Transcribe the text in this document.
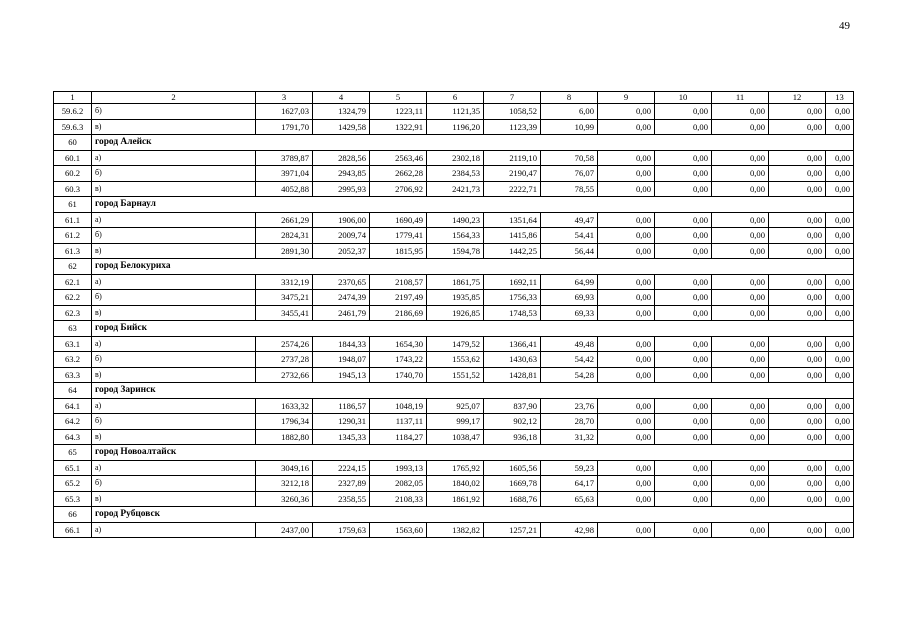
49
1	2	3	4	5	6	7	8	9	10	11	12	13
59.6.2	б)	1627,03	1324,79	1223,11	1121,35	1058,52	6,00	0,00	0,00	0,00	0,00	0,00
59.6.3	в)	1791,70	1429,58	1322,91	1196,20	1123,39	10,99	0,00	0,00	0,00	0,00	0,00
60	город Алейск											
60.1	а)	3789,87	2828,56	2563,46	2302,18	2119,10	70,58	0,00	0,00	0,00	0,00	0,00
60.2	б)	3971,04	2943,85	2662,28	2384,53	2190,47	76,07	0,00	0,00	0,00	0,00	0,00
60.3	в)	4052,88	2995,93	2706,92	2421,73	2222,71	78,55	0,00	0,00	0,00	0,00	0,00
61	город Барнаул											
61.1	а)	2661,29	1906,00	1690,49	1490,23	1351,64	49,47	0,00	0,00	0,00	0,00	0,00
61.2	б)	2824,31	2009,74	1779,41	1564,33	1415,86	54,41	0,00	0,00	0,00	0,00	0,00
61.3	в)	2891,30	2052,37	1815,95	1594,78	1442,25	56,44	0,00	0,00	0,00	0,00	0,00
62	город Белокуриха											
62.1	а)	3312,19	2370,65	2108,57	1861,75	1692,11	64,99	0,00	0,00	0,00	0,00	0,00
62.2	б)	3475,21	2474,39	2197,49	1935,85	1756,33	69,93	0,00	0,00	0,00	0,00	0,00
62.3	в)	3455,41	2461,79	2186,69	1926,85	1748,53	69,33	0,00	0,00	0,00	0,00	0,00
63	город Бийск											
63.1	а)	2574,26	1844,33	1654,30	1479,52	1366,41	49,48	0,00	0,00	0,00	0,00	0,00
63.2	б)	2737,28	1948,07	1743,22	1553,62	1430,63	54,42	0,00	0,00	0,00	0,00	0,00
63.3	в)	2732,66	1945,13	1740,70	1551,52	1428,81	54,28	0,00	0,00	0,00	0,00	0,00
64	город Заринск											
64.1	а)	1633,32	1186,57	1048,19	925,07	837,90	23,76	0,00	0,00	0,00	0,00	0,00
64.2	б)	1796,34	1290,31	1137,11	999,17	902,12	28,70	0,00	0,00	0,00	0,00	0,00
64.3	в)	1882,80	1345,33	1184,27	1038,47	936,18	31,32	0,00	0,00	0,00	0,00	0,00
65	город Новоалтайск											
65.1	а)	3049,16	2224,15	1993,13	1765,92	1605,56	59,23	0,00	0,00	0,00	0,00	0,00
65.2	б)	3212,18	2327,89	2082,05	1840,02	1669,78	64,17	0,00	0,00	0,00	0,00	0,00
65.3	в)	3260,36	2358,55	2108,33	1861,92	1688,76	65,63	0,00	0,00	0,00	0,00	0,00
66	город Рубцовск											
66.1	а)	2437,00	1759,63	1563,60	1382,82	1257,21	42,98	0,00	0,00	0,00	0,00	0,00
